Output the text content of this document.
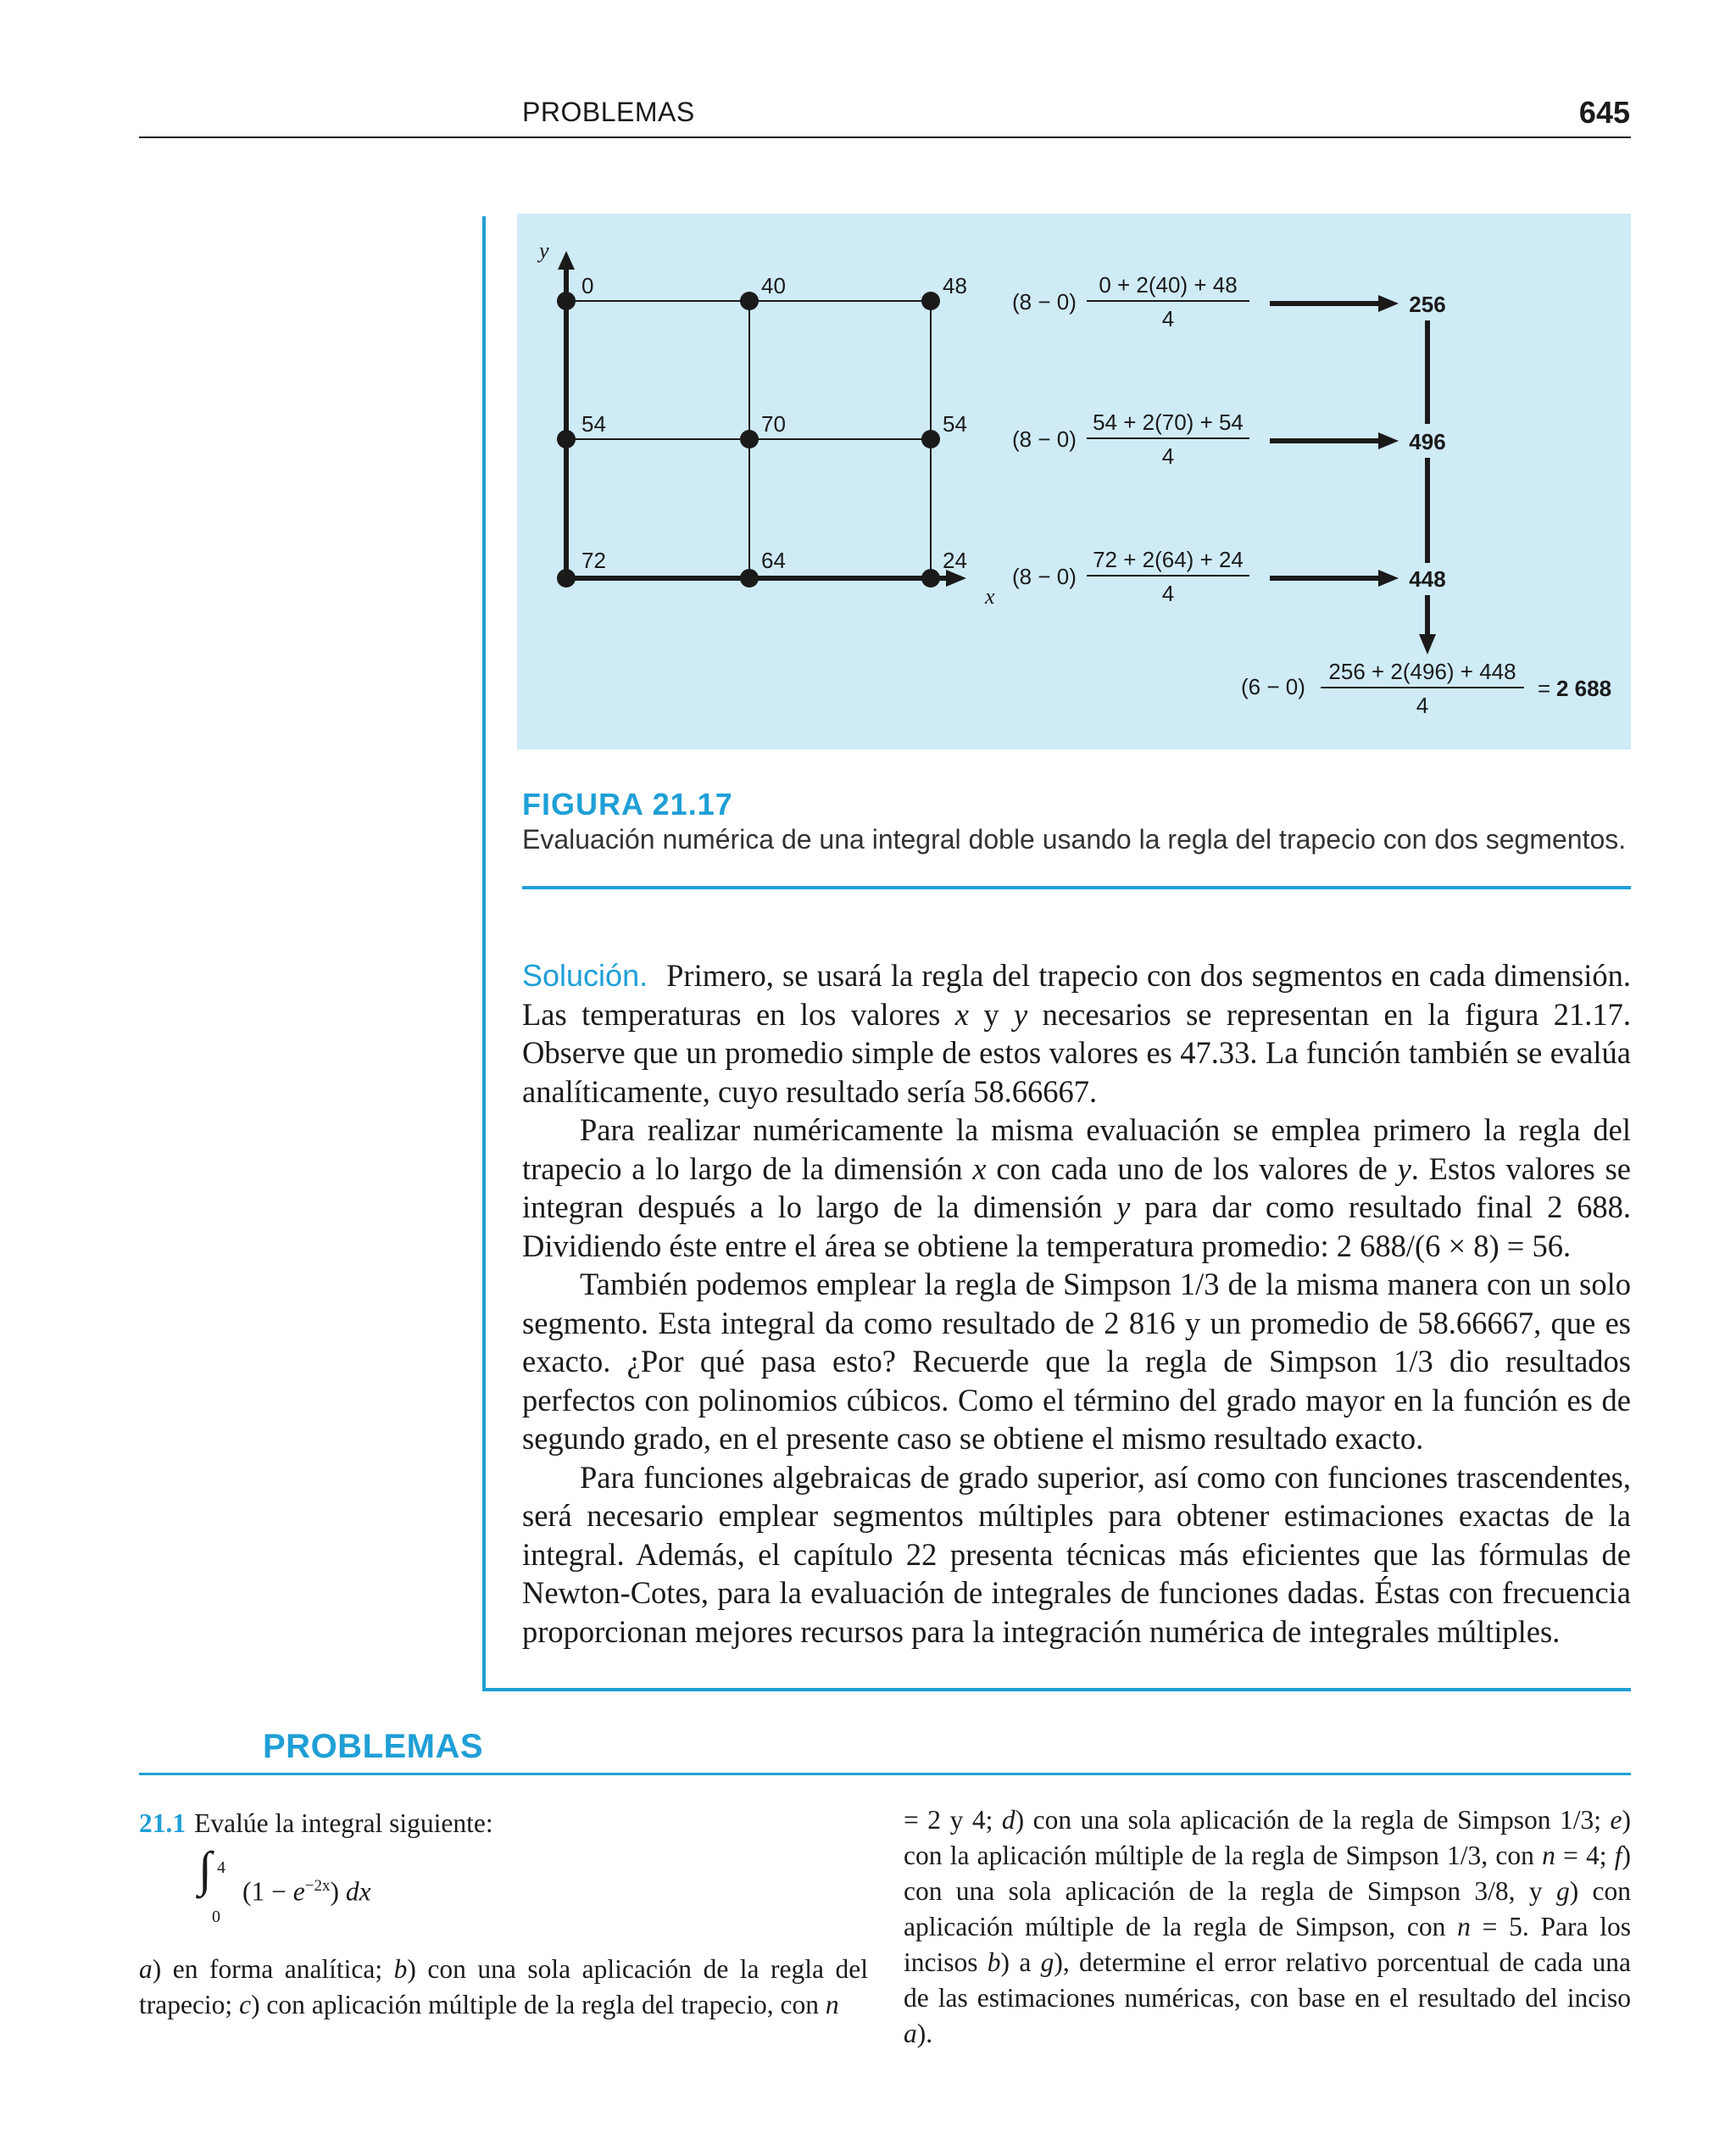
PROBLEMAS	645
y
x
0	40	48
54	70	54
72	64	24
(8 − 0)
0 + 2(40) + 48
4
(8 − 0)
54 + 2(70) + 54
4
(8 − 0)
72 + 2(64) + 24
4
256
496
448
(6 − 0)
256 + 2(496) + 448
4
= 2 688
FIGURA 21.17
Evaluación numérica de una integral doble usando la regla del trapecio con dos segmentos.

Solución. Primero, se usará la regla del trapecio con dos segmentos en cada dimensión. Las temperaturas en los valores x y y necesarios se representan en la figura 21.17. Observe que un promedio simple de estos valores es 47.33. La función también se evalúa analíticamente, cuyo resultado sería 58.66667.

Para realizar numéricamente la misma evaluación se emplea primero la regla del trapecio a lo largo de la dimensión x con cada uno de los valores de y. Estos valores se integran después a lo largo de la dimensión y para dar como resultado final 2 688. Dividiendo éste entre el área se obtiene la temperatura promedio: 2 688/(6 × 8) = 56.

También podemos emplear la regla de Simpson 1/3 de la misma manera con un solo segmento. Esta integral da como resultado de 2 816 y un promedio de 58.66667, que es exacto. ¿Por qué pasa esto? Recuerde que la regla de Simpson 1/3 dio resultados perfectos con polinomios cúbicos. Como el término del grado mayor en la función es de segundo grado, en el presente caso se obtiene el mismo resultado exacto.

Para funciones algebraicas de grado superior, así como con funciones trascendentes, será necesario emplear segmentos múltiples para obtener estimaciones exactas de la integral. Además, el capítulo 22 presenta técnicas más eficientes que las fórmulas de Newton-Cotes, para la evaluación de integrales de funciones dadas. Éstas con frecuencia proporcionan mejores recursos para la integración numérica de integrales múltiples.

PROBLEMAS

21.1 Evalúe la integral siguiente:

∫ 4
0
$(1 - e^{-2x})$ dx

a) en forma analítica; b) con una sola aplicación de la regla del trapecio; c) con aplicación múltiple de la regla del trapecio, con n

= 2 y 4; d) con una sola aplicación de la regla de Simpson 1/3; e) con la aplicación múltiple de la regla de Simpson 1/3, con n = 4; f) con una sola aplicación de la regla de Simpson 3/8, y g) con aplicación múltiple de la regla de Simpson, con n = 5. Para los incisos b) a g), determine el error relativo porcentual de cada una de las estimaciones numéricas, con base en el resultado del inciso a).
